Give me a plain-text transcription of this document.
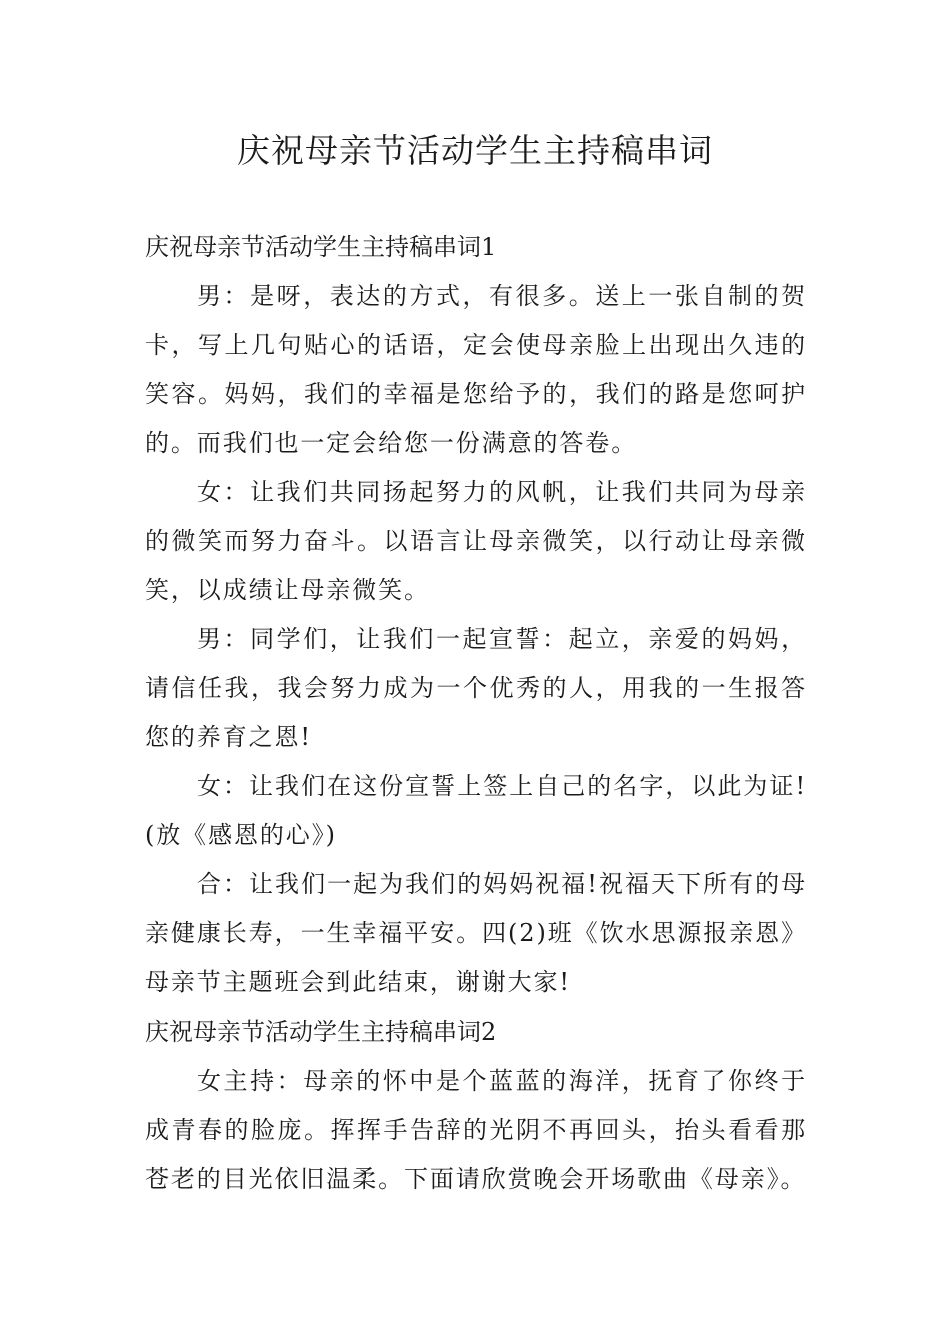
庆祝母亲节活动学生主持稿串词
庆祝母亲节活动学生主持稿串词1

男：是呀，表达的方式，有很多。送上一张自制的贺卡，写上几句贴心的话语，定会使母亲脸上出现出久违的笑容。妈妈，我们的幸福是您给予的，我们的路是您呵护的。而我们也一定会给您一份满意的答卷。

女：让我们共同扬起努力的风帆，让我们共同为母亲的微笑而努力奋斗。以语言让母亲微笑，以行动让母亲微笑，以成绩让母亲微笑。

男：同学们，让我们一起宣誓：起立，亲爱的妈妈，请信任我，我会努力成为一个优秀的人，用我的一生报答您的养育之恩!

女：让我们在这份宣誓上签上自己的名字，以此为证!(放《感恩的心》)

合：让我们一起为我们的妈妈祝福!祝福天下所有的母亲健康长寿，一生幸福平安。四(2)班《饮水思源报亲恩》母亲节主题班会到此结束，谢谢大家!

庆祝母亲节活动学生主持稿串词2

女主持：母亲的怀中是个蓝蓝的海洋，抚育了你终于成青春的脸庞。挥挥手告辞的光阴不再回头，抬头看看那苍老的目光依旧温柔。下面请欣赏晚会开场歌曲《母亲》。
